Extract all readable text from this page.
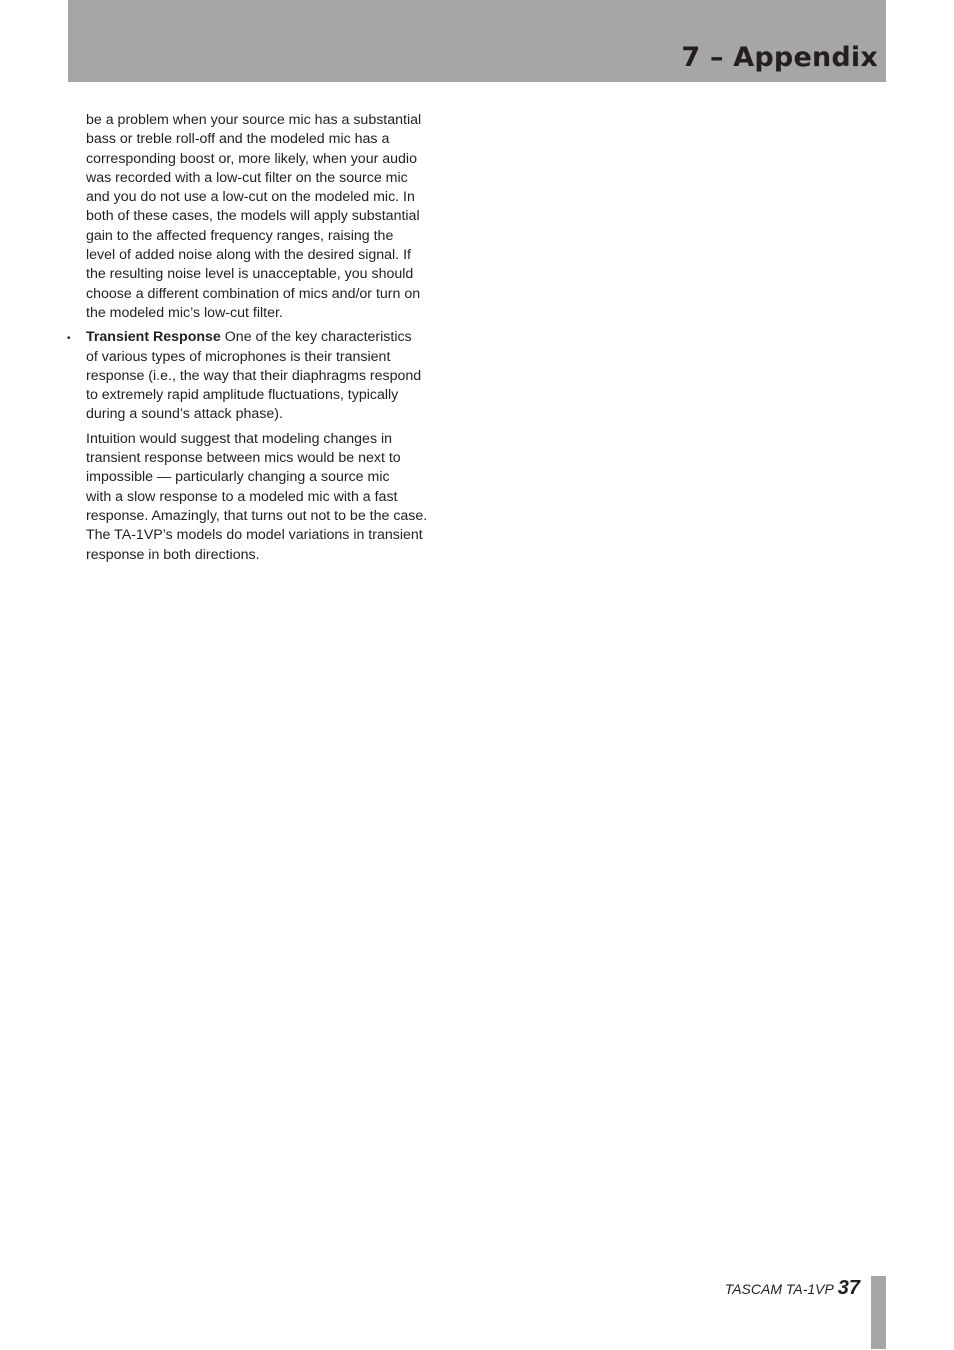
7 – Appendix

be a problem when your source mic has a substantial
bass or treble roll-off and the modeled mic has a
corresponding boost or, more likely, when your audio
was recorded with a low-cut filter on the source mic
and you do not use a low-cut on the modeled mic. In
both of these cases, the models will apply substantial
gain to the affected frequency ranges, raising the
level of added noise along with the desired signal. If
the resulting noise level is unacceptable, you should
choose a different combination of mics and/or turn on
the modeled mic’s low-cut filter.

• Transient Response One of the key characteristics
of various types of microphones is their transient
response (i.e., the way that their diaphragms respond
to extremely rapid amplitude fluctuations, typically
during a sound’s attack phase).

Intuition would suggest that modeling changes in
transient response between mics would be next to
impossible — particularly changing a source mic
with a slow response to a modeled mic with a fast
response. Amazingly, that turns out not to be the case.
The TA-1VP’s models do model variations in transient
response in both directions.

TASCAM TA-1VP 37
